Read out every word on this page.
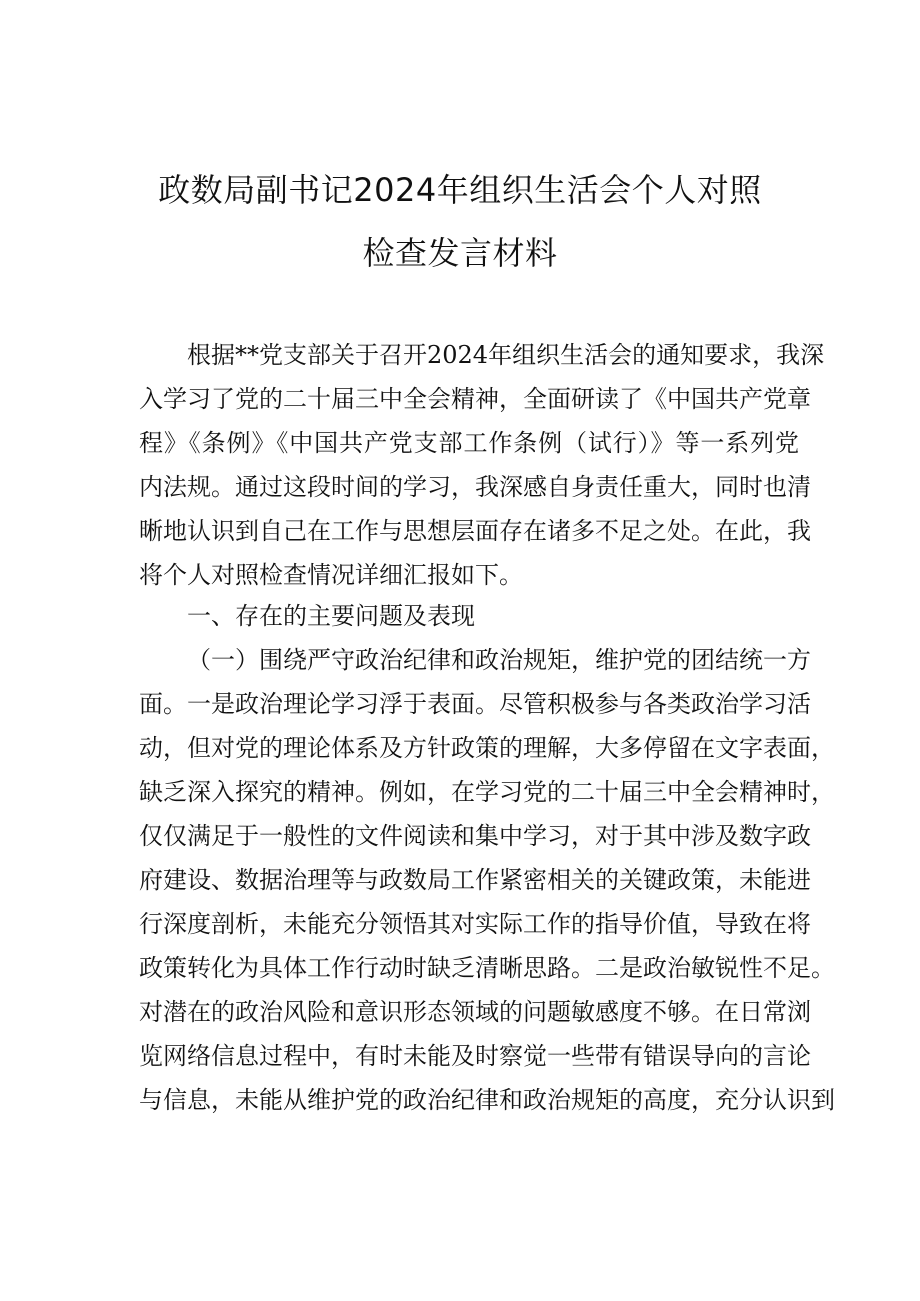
政数局副书记2024年组织生活会个人对照
检查发言材料
根据**党支部关于召开2024年组织生活会的通知要求，我深
入学习了党的二十届三中全会精神，全面研读了《中国共产党章
程》《条例》《中国共产党支部工作条例（试行）》等一系列党
内法规。通过这段时间的学习，我深感自身责任重大，同时也清
晰地认识到自己在工作与思想层面存在诸多不足之处。在此，我
将个人对照检查情况详细汇报如下。
一、存在的主要问题及表现
（一）围绕严守政治纪律和政治规矩，维护党的团结统一方
面。一是政治理论学习浮于表面。尽管积极参与各类政治学习活
动，但对党的理论体系及方针政策的理解，大多停留在文字表面，
缺乏深入探究的精神。例如，在学习党的二十届三中全会精神时，
仅仅满足于一般性的文件阅读和集中学习，对于其中涉及数字政
府建设、数据治理等与政数局工作紧密相关的关键政策，未能进
行深度剖析，未能充分领悟其对实际工作的指导价值，导致在将
政策转化为具体工作行动时缺乏清晰思路。二是政治敏锐性不足。
对潜在的政治风险和意识形态领域的问题敏感度不够。在日常浏
览网络信息过程中，有时未能及时察觉一些带有错误导向的言论
与信息，未能从维护党的政治纪律和政治规矩的高度，充分认识到
